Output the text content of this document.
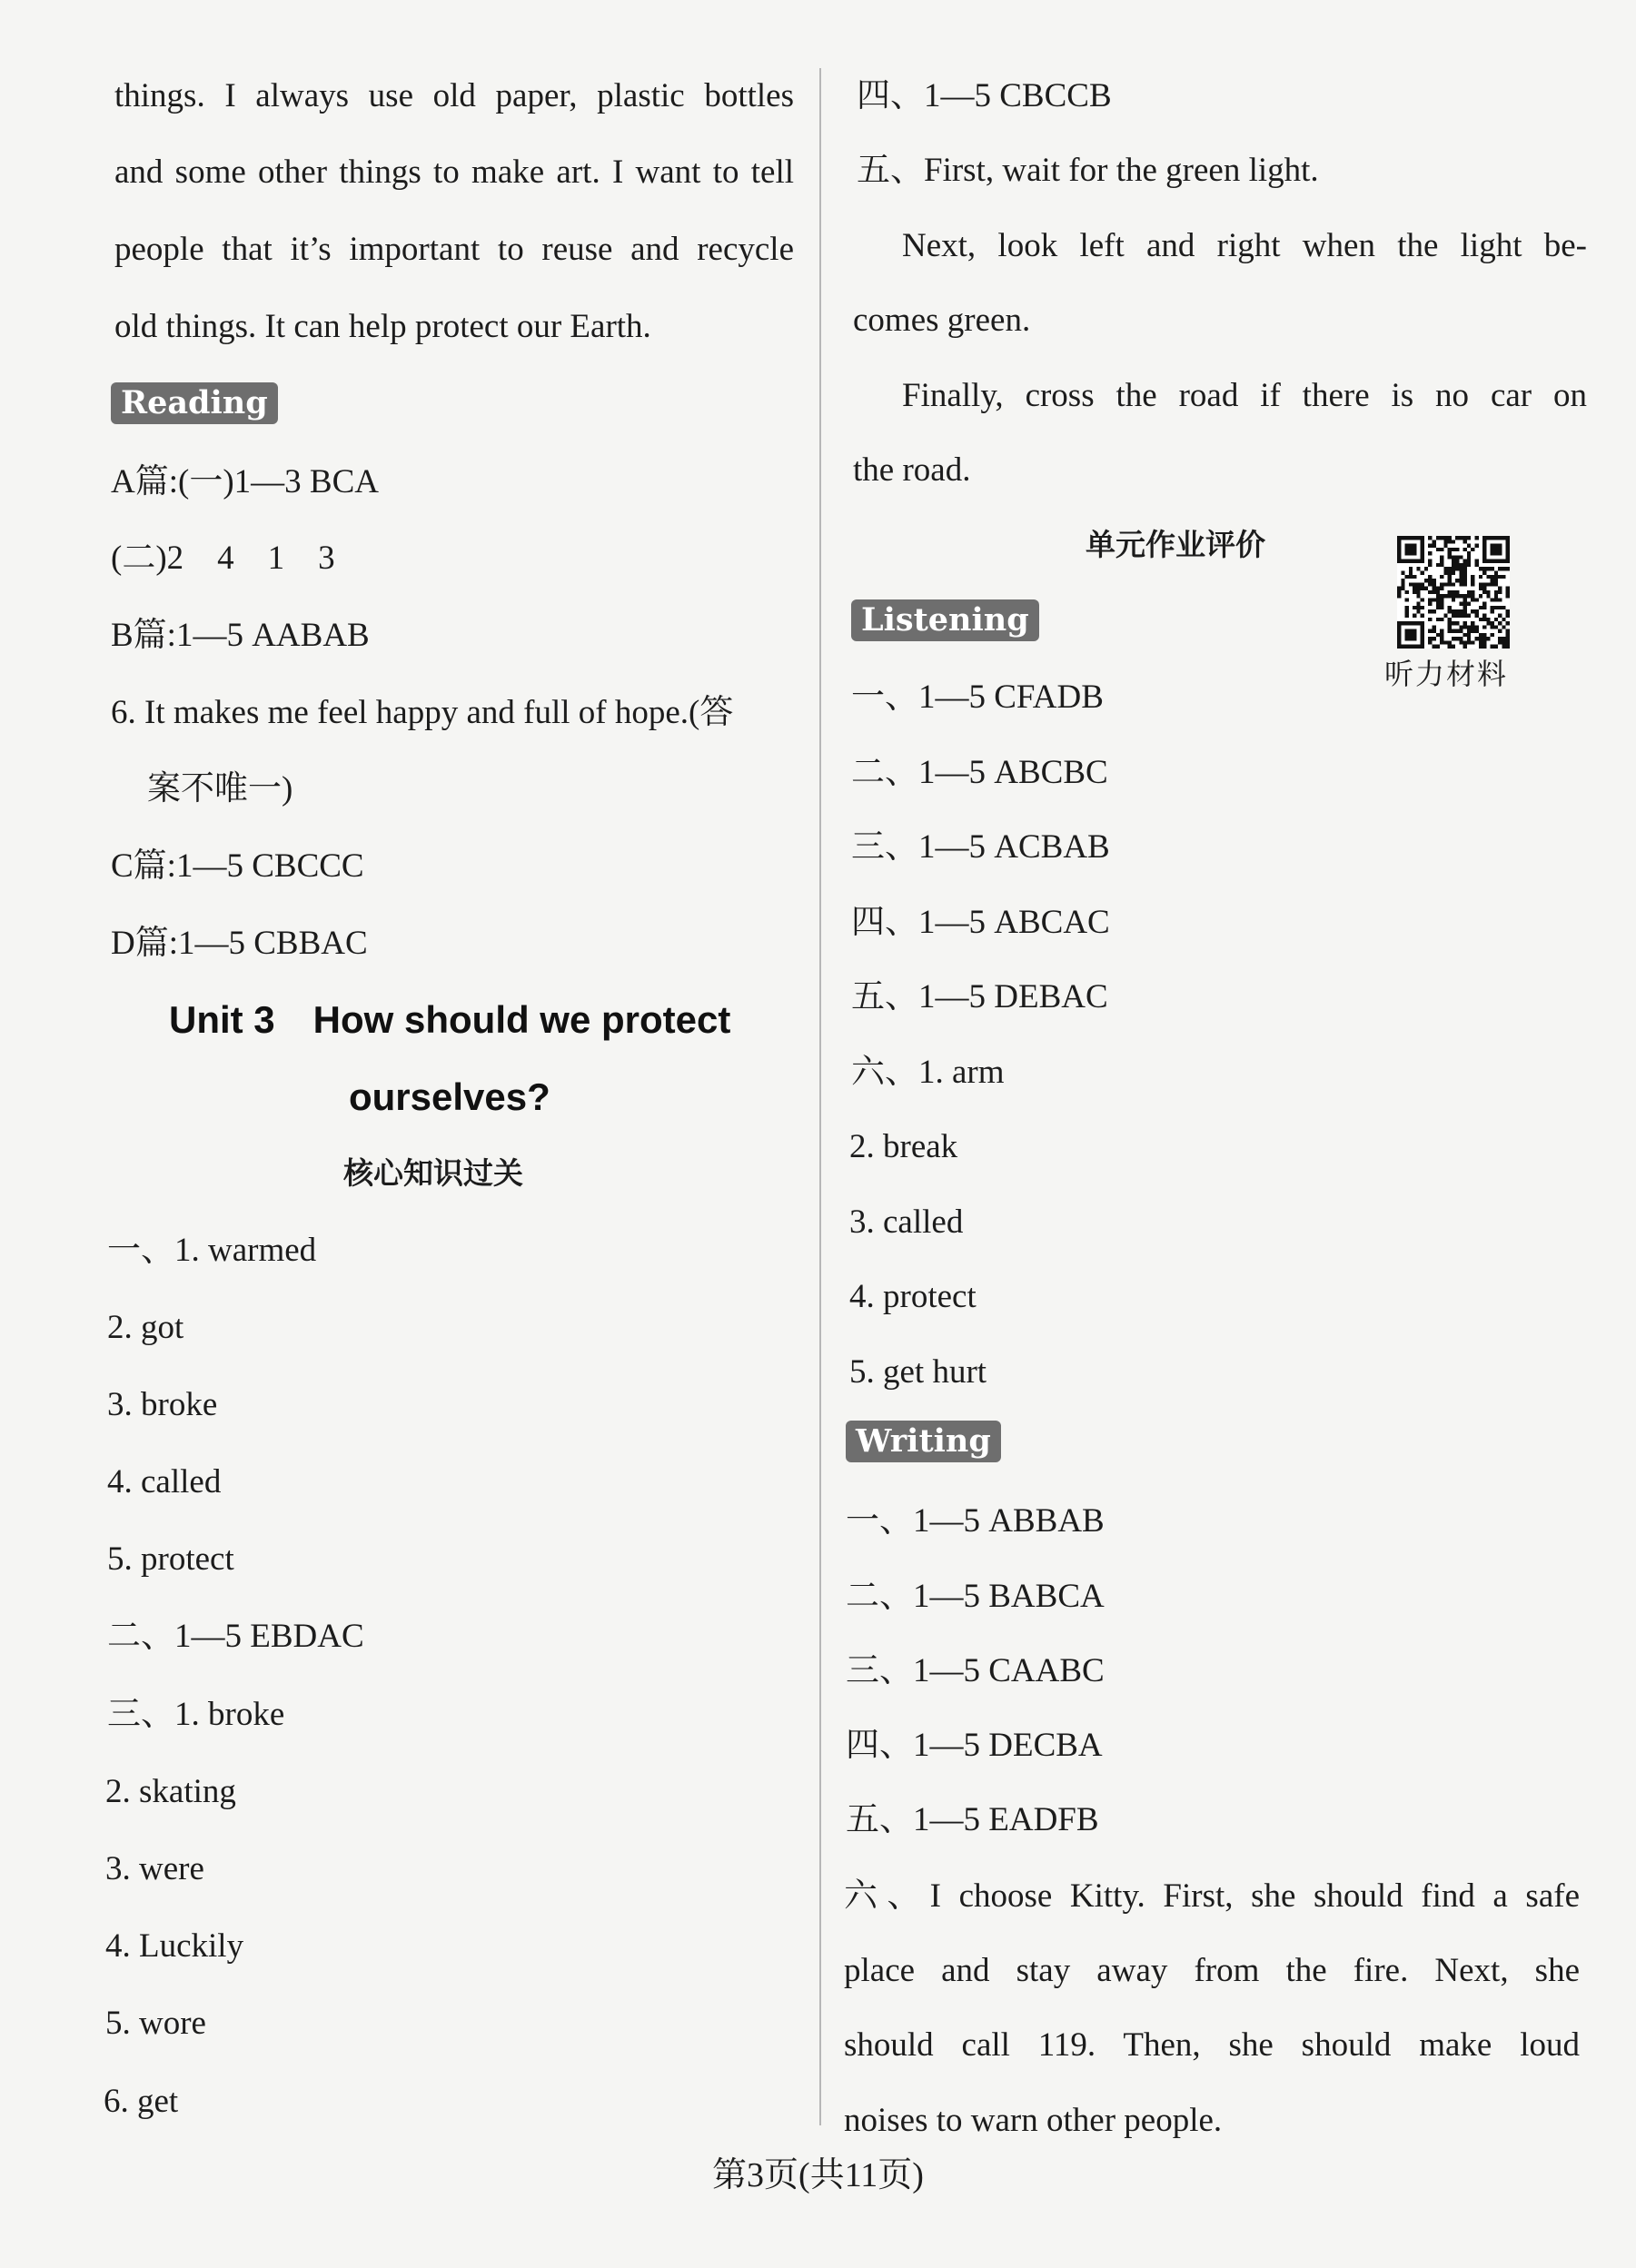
things. I always use old paper, plastic bottles
and some other things to make art. I want to tell
people that it’s important to reuse and recycle
old things. It can help protect our Earth.
Reading
A篇:(一)1—3 BCA
(二)2　4　1　3
B篇:1—5 AABAB
6. It makes me feel happy and full of hope.(答
案不唯一)
C篇:1—5 CBCCC
D篇:1—5 CBBAC
Unit 3　How should we protect
ourselves?
核心知识过关
一、1. warmed
2. got
3. broke
4. called
5. protect
二、1—5 EBDAC
三、1. broke
2. skating
3. were
4. Luckily
5. wore
6. get
四、1—5 CBCCB
五、First, wait for the green light.
Next, look left and right when the light be-
comes green.
Finally, cross the road if there is no car on
the road.
单元作业评价
Listening
一、1—5 CFADB
二、1—5 ABCBC
三、1—5 ACBAB
四、1—5 ABCAC
五、1—5 DEBAC
六、1. arm
2. break
3. called
4. protect
5. get hurt
Writing
一、1—5 ABBAB
二、1—5 BABCA
三、1—5 CAABC
四、1—5 DECBA
五、1—5 EADFB
六、I choose Kitty. First, she should find a safe
place and stay away from the fire. Next, she
should call 119. Then, she should make loud
noises to warn other people.
听力材料
第3页(共11页)
